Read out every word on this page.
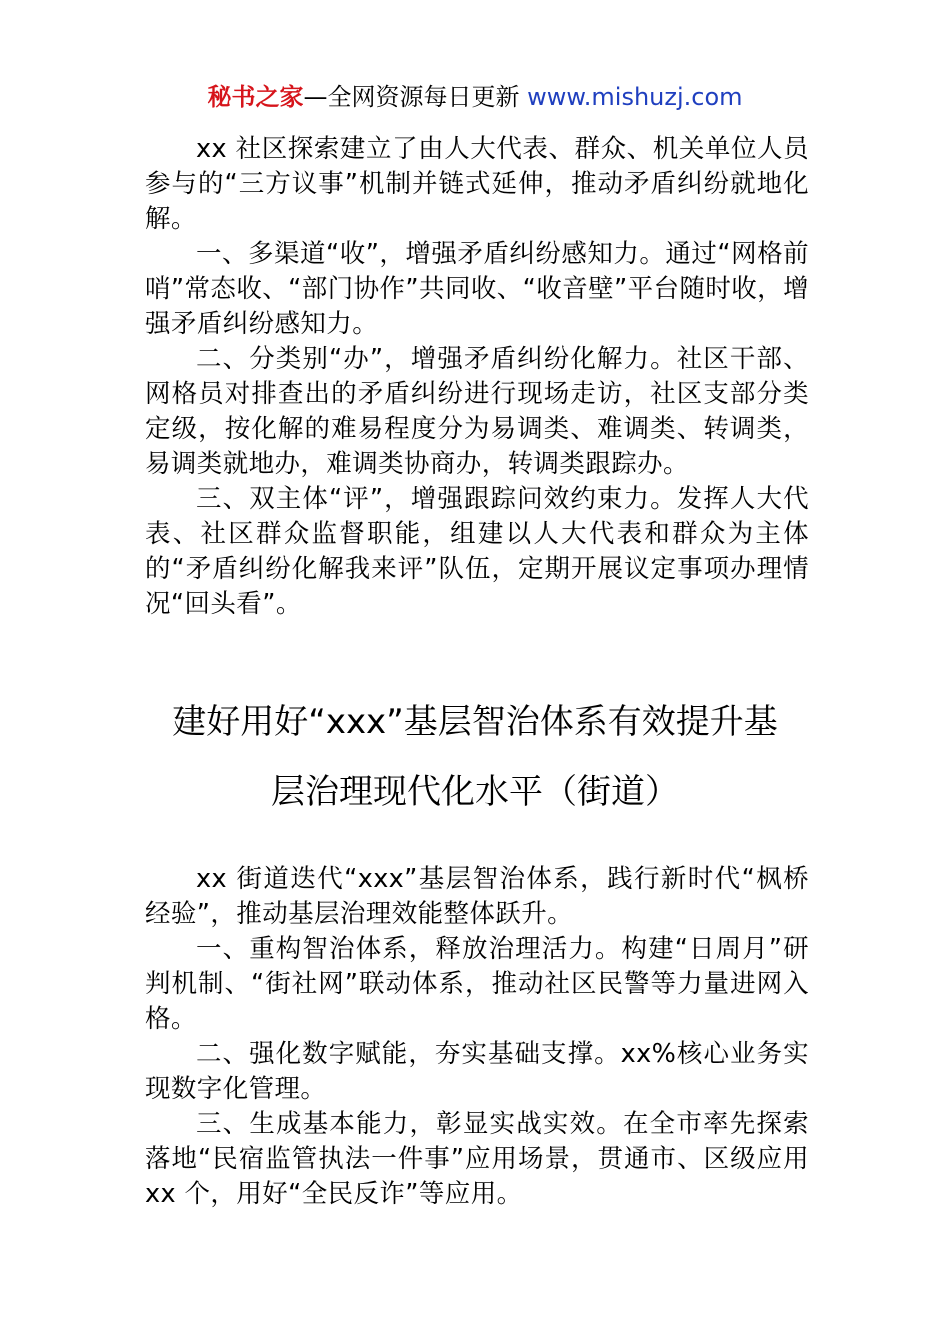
秘书之家—全网资源每日更新 www.mishuzj.com

xx 社区探索建立了由人大代表、群众、机关单位人员参与的“三方议事”机制并链式延伸，推动矛盾纠纷就地化解。

一、多渠道“收”，增强矛盾纠纷感知力。通过“网格前哨”常态收、“部门协作”共同收、“收音壁”平台随时收，增强矛盾纠纷感知力。

二、分类别“办”，增强矛盾纠纷化解力。社区干部、网格员对排查出的矛盾纠纷进行现场走访，社区支部分类定级，按化解的难易程度分为易调类、难调类、转调类，易调类就地办，难调类协商办，转调类跟踪办。

三、双主体“评”，增强跟踪问效约束力。发挥人大代表、社区群众监督职能，组建以人大代表和群众为主体的“矛盾纠纷化解我来评”队伍，定期开展议定事项办理情况“回头看”。

建好用好“xxx”基层智治体系有效提升基
层治理现代化水平（街道）

xx 街道迭代“xxx”基层智治体系，践行新时代“枫桥经验”，推动基层治理效能整体跃升。

一、重构智治体系，释放治理活力。构建“日周月”研判机制、“街社网”联动体系，推动社区民警等力量进网入格。

二、强化数字赋能，夯实基础支撑。xx%核心业务实现数字化管理。

三、生成基本能力，彰显实战实效。在全市率先探索落地“民宿监管执法一件事”应用场景，贯通市、区级应用 xx 个，用好“全民反诈”等应用。
